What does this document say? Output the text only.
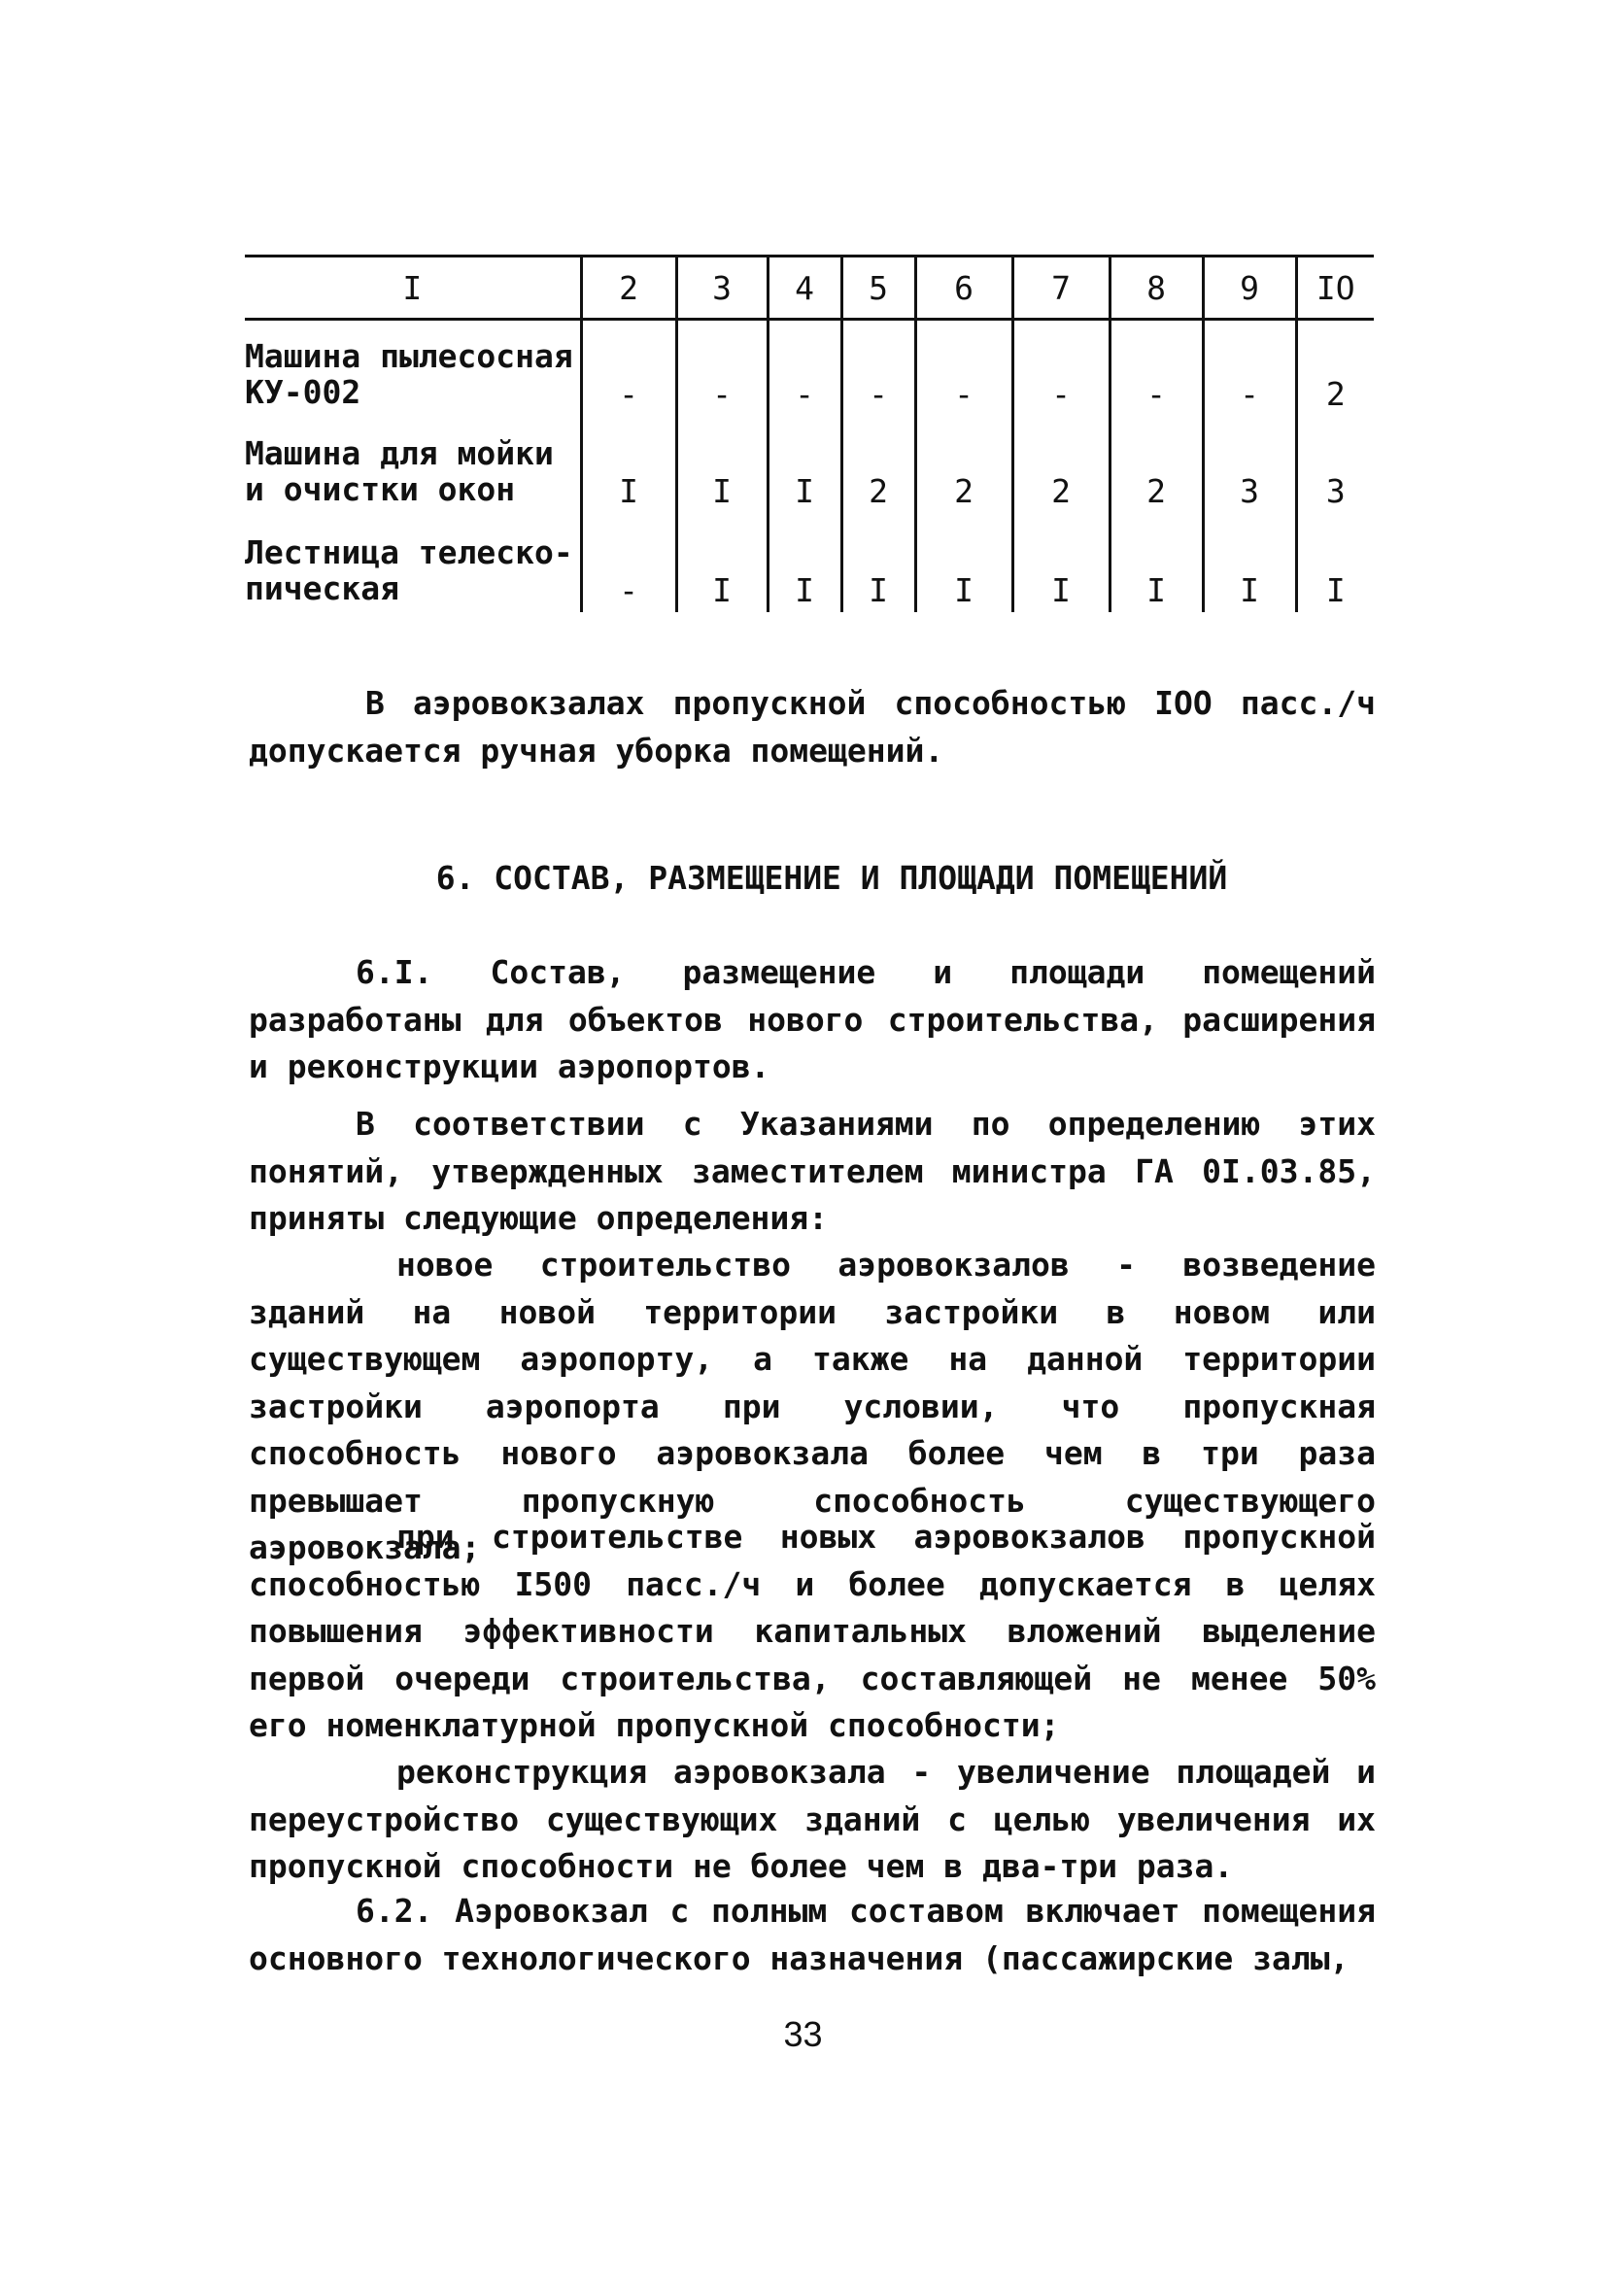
I	2	3	4	5	6	7	8	9	IO

Машина пылесосная
КУ-002	-	-	-	-	-	-	-	-	2

Машина для мойки
и очистки окон	I	I	I	2	2	2	2	3	3

Лестница телеско-
пическая	-	I	I	I	I	I	I	I	I

В аэровокзалах пропускной способностью IOO пасс./ч допускается ручная уборка помещений.

6. СОСТАВ, РАЗМЕЩЕНИЕ И ПЛОЩАДИ ПОМЕЩЕНИЙ

6.I. Состав, размещение и площади помещений разработаны для объектов нового строительства, расширения и реконструкции аэропортов.

В соответствии с Указаниями по определению этих понятий, утвержденных заместителем министра ГА 0I.03.85, приняты следующие определения:

новое строительство аэровокзалов - возведение зданий на новой территории застройки в новом или существующем аэропорту, а также на данной территории застройки аэропорта при условии, что пропускная способность нового аэровокзала более чем в три раза превышает пропускную способность существующего аэровокзала;

при строительстве новых аэровокзалов пропускной способностью I500 пасс./ч и более допускается в целях повышения эффективности капитальных вложений выделение первой очереди строительства, составляющей не менее 50% его номенклатурной пропускной способности;

реконструкция аэровокзала - увеличение площадей и переустройство существующих зданий с целью увеличения их пропускной способности не более чем в два-три раза.

6.2. Аэровокзал с полным составом включает помещения основного технологического назначения (пассажирские залы,

33
